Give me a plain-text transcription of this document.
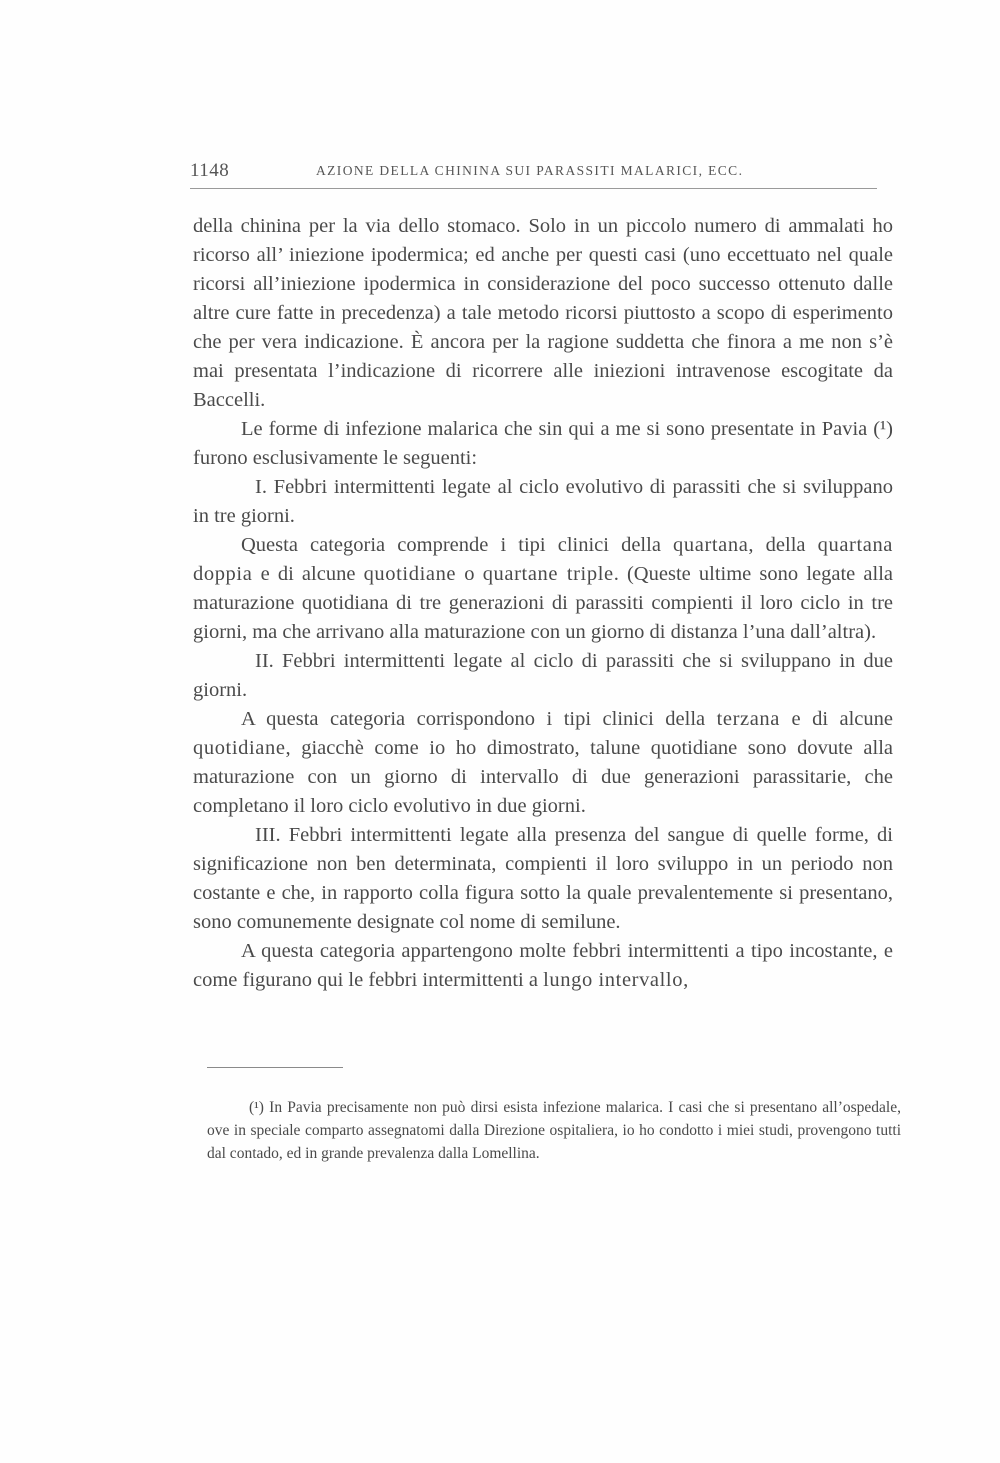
1148	AZIONE DELLA CHININA SUI PARASSITI MALARICI, ECC.

della chinina per la via dello stomaco. Solo in un piccolo numero di ammalati ho ricorso all’ iniezione ipodermica; ed anche per questi casi (uno eccettuato nel quale ricorsi all’iniezione ipodermica in considerazione del poco successo ottenuto dalle altre cure fatte in precedenza) a tale metodo ricorsi piuttosto a scopo di esperimento che per vera indicazione. È ancora per la ragione suddetta che finora a me non s’è mai presentata l’indicazione di ricorrere alle iniezioni intravenose escogitate da Baccelli.

Le forme di infezione malarica che sin qui a me si sono presentate in Pavia (¹) furono esclusivamente le seguenti:

I. Febbri intermittenti legate al ciclo evolutivo di parassiti che si sviluppano in tre giorni.

Questa categoria comprende i tipi clinici della quartana, della quartana doppia e di alcune quotidiane o quartane triple. (Queste ultime sono legate alla maturazione quotidiana di tre generazioni di parassiti compienti il loro ciclo in tre giorni, ma che arrivano alla maturazione con un giorno di distanza l’una dall’altra).

II. Febbri intermittenti legate al ciclo di parassiti che si sviluppano in due giorni.

A questa categoria corrispondono i tipi clinici della terzana e di alcune quotidiane, giacchè come io ho dimostrato, talune quotidiane sono dovute alla maturazione con un giorno di intervallo di due generazioni parassitarie, che completano il loro ciclo evolutivo in due giorni.

III. Febbri intermittenti legate alla presenza del sangue di quelle forme, di significazione non ben determinata, compienti il loro sviluppo in un periodo non costante e che, in rapporto colla figura sotto la quale prevalentemente si presentano, sono comunemente designate col nome di semilune.

A questa categoria appartengono molte febbri intermittenti a tipo incostante, e come figurano qui le febbri intermittenti a lungo intervallo,

(¹) In Pavia precisamente non può dirsi esista infezione malarica. I casi che si presentano all’ospedale, ove in speciale comparto assegnatomi dalla Direzione ospitaliera, io ho condotto i miei studi, provengono tutti dal contado, ed in grande prevalenza dalla Lomellina.
